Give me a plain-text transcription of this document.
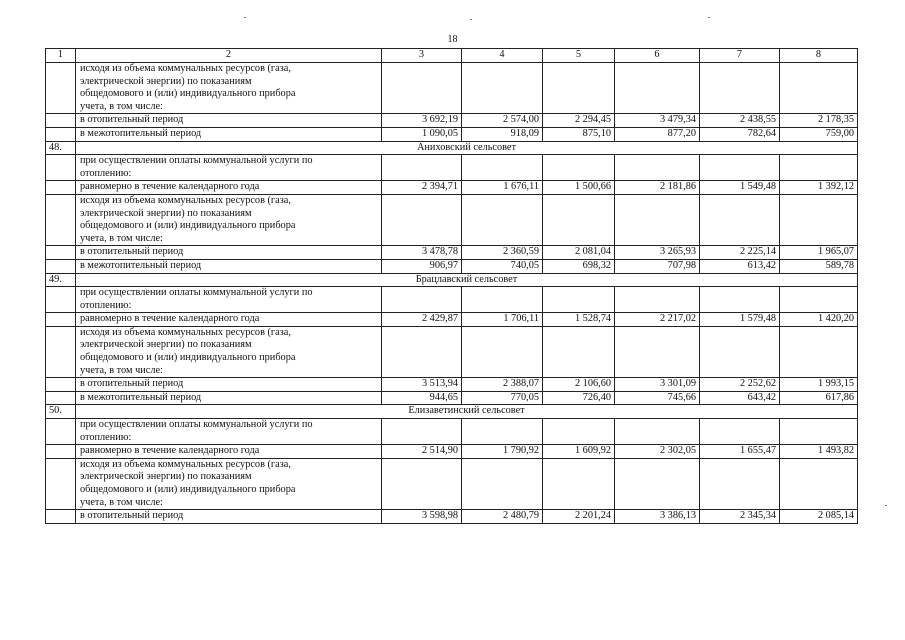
18
1	2	3	4	5	6	7	8

	исходя из объема коммунальных ресурсов (газа,
электрической энергии) по показаниям
общедомового и (или) индивидуального прибора
учета, в том числе:						

	в отопительный период	3 692,19	2 574,00	2 294,45	3 479,34	2 438,55	2 178,35
	в межотопительный период	1 090,05	918,09	875,10	877,20	782,64	759,00
48.	Аниховский сельсовет						

	при осуществлении оплаты коммунальной услуги по
отоплению:						

	равномерно в течение календарного года	2 394,71	1 676,11	1 500,66	2 181,86	1 549,48	1 392,12

	исходя из объема коммунальных ресурсов (газа,
электрической энергии) по показаниям
общедомового и (или) индивидуального прибора
учета, в том числе:						

	в отопительный период	3 478,78	2 360,59	2 081,04	3 265,93	2 225,14	1 965,07
	в межотопительный период	906,97	740,05	698,32	707,98	613,42	589,78
49.	Брацлавский сельсовет						

	при осуществлении оплаты коммунальной услуги по
отоплению:						

	равномерно в течение календарного года	2 429,87	1 706,11	1 528,74	2 217,02	1 579,48	1 420,20

	исходя из объема коммунальных ресурсов (газа,
электрической энергии) по показаниям
общедомового и (или) индивидуального прибора
учета, в том числе:						

	в отопительный период	3 513,94	2 388,07	2 106,60	3 301,09	2 252,62	1 993,15
	в межотопительный период	944,65	770,05	726,40	745,66	643,42	617,86
50.	Елизаветинский сельсовет						

	при осуществлении оплаты коммунальной услуги по
отоплению:						

	равномерно в течение календарного года	2 514,90	1 790,92	1 609,92	2 302,05	1 655,47	1 493,82

	исходя из объема коммунальных ресурсов (газа,
электрической энергии) по показаниям
общедомового и (или) индивидуального прибора
учета, в том числе:						

	в отопительный период	3 598,98	2 480,79	2 201,24	3 386,13	2 345,34	2 085,14
